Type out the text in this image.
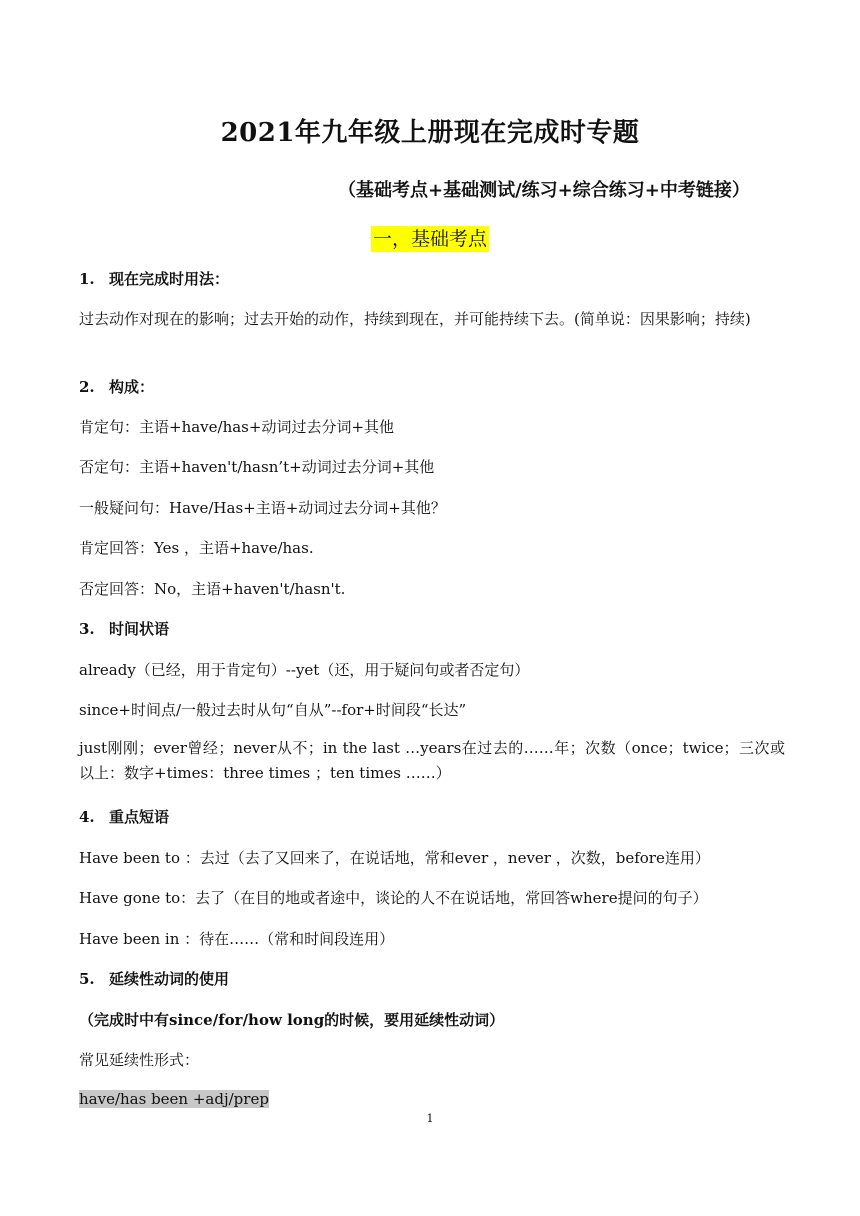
2021年九年级上册现在完成时专题
（基础考点+基础测试/练习+综合练习+中考链接）
一，基础考点
1. 现在完成时用法：
过去动作对现在的影响；过去开始的动作，持续到现在，并可能持续下去。(简单说：因果影响；持续)
2. 构成：
肯定句：主语+have/has+动词过去分词+其他
否定句：主语+haven't/hasn’t+动词过去分词+其他
一般疑问句：Have/Has+主语+动词过去分词+其他？
肯定回答：Yes ，主语+have/has.
否定回答：No，主语+haven't/hasn't.
3. 时间状语
already（已经，用于肯定句）--yet（还，用于疑问句或者否定句）
since+时间点/一般过去时从句“自从”--for+时间段“长达”
just刚刚；ever曾经；never从不；in the last …years在过去的……年；次数（once；twice；三次或以上：数字+times：three times ；ten times ……）
4. 重点短语
Have been to ：去过（去了又回来了，在说话地，常和ever ，never ，次数，before连用）
Have gone to：去了（在目的地或者途中，谈论的人不在说话地，常回答where提问的句子）
Have been in ：待在……（常和时间段连用）
5. 延续性动词的使用
（完成时中有since/for/how long的时候，要用延续性动词）
常见延续性形式：
have/has been +adj/prep
1
